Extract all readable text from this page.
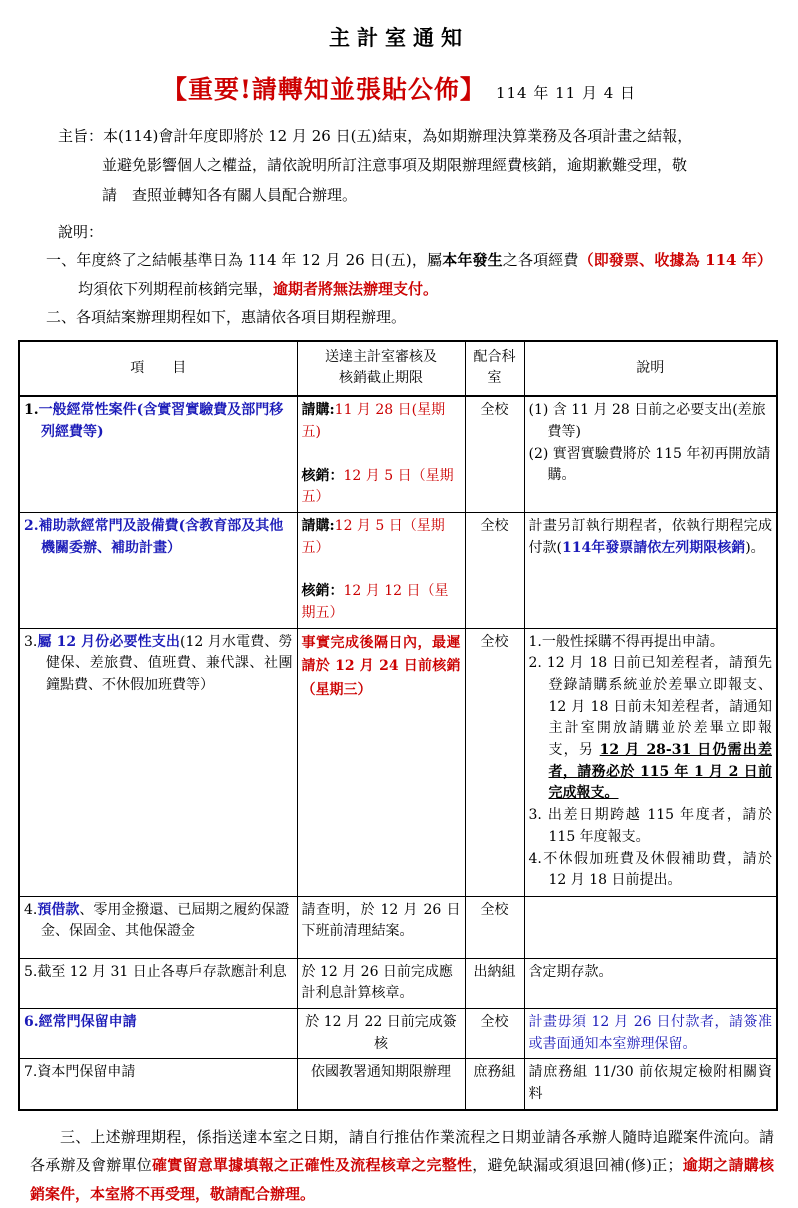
主計室通知
【重要!請轉知並張貼公佈】 114 年 11 月 4 日
主旨：本(114)會計年度即將於 12 月 26 日(五)結束，為如期辦理決算業務及各項計畫之結報，
並避免影響個人之權益，請依說明所訂注意事項及期限辦理經費核銷，逾期歉難受理，敬
請　查照並轉知各有關人員配合辦理。
說明：
一、年度終了之結帳基準日為 114 年 12 月 26 日(五)，屬本年發生之各項經費（即發票、收據為 114 年）均須依下列期程前核銷完畢，逾期者將無法辦理支付。
二、各項結案辦理期程如下，惠請依各項目期程辦理。
項　　目	送達主計室審核及
核銷截止期限	配合科室	說明

1.一般經常性案件(含實習實驗費及部門移列經費等)	請購:11 月 28 日(星期五)
核銷：12 月 5 日（星期五）	全校	(1) 含 11 月 28 日前之必要支出(差旅費等)
(2) 實習實驗費將於 115 年初再開放請購。

2.補助款經常門及設備費(含教育部及其他機關委辦、補助計畫）	請購:12 月 5 日（星期五）
核銷：12 月 12 日（星期五）	全校	計畫另訂執行期程者，依執行期程完成付款(114年發票請依左列期限核銷)。

3.屬 12 月份必要性支出(12 月水電費、勞健保、差旅費、值班費、兼代課、社團鐘點費、不休假加班費等）	事實完成後隔日內，最遲請於 12 月 24 日前核銷（星期三）	全校	1.一般性採購不得再提出申請。
2. 12 月 18 日前已知差程者，請預先登錄請購系統並於差畢立即報支、12 月 18 日前未知差程者，請通知主計室開放請購並於差畢立即報支，另 12 月 28-31 日仍需出差者，請務必於 115 年 1 月 2 日前完成報支。
3. 出差日期跨越 115 年度者，請於 115 年度報支。
4.不休假加班費及休假補助費，請於 12 月 18 日前提出。

4.預借款、零用金撥還、已屆期之履約保證金、保固金、其他保證金	請查明，於 12 月 26 日下班前清理結案。	全校	

5.截至 12 月 31 日止各專戶存款應計利息	於 12 月 26 日前完成應計利息計算核章。	出納組	含定期存款。

6.經常門保留申請	於 12 月 22 日前完成簽核	全校	計畫毋須 12 月 26 日付款者，請簽准或書面通知本室辦理保留。

7.資本門保留申請	依國教署通知期限辦理	庶務組	請庶務組 11/30 前依規定檢附相關資料
三、上述辦理期程，係指送達本室之日期，請自行推估作業流程之日期並請各承辦人隨時追蹤案件流向。請各承辦及會辦單位確實留意單據填報之正確性及流程核章之完整性，避免缺漏或須退回補(修)正；逾期之請購核銷案件，本室將不再受理，敬請配合辦理。
